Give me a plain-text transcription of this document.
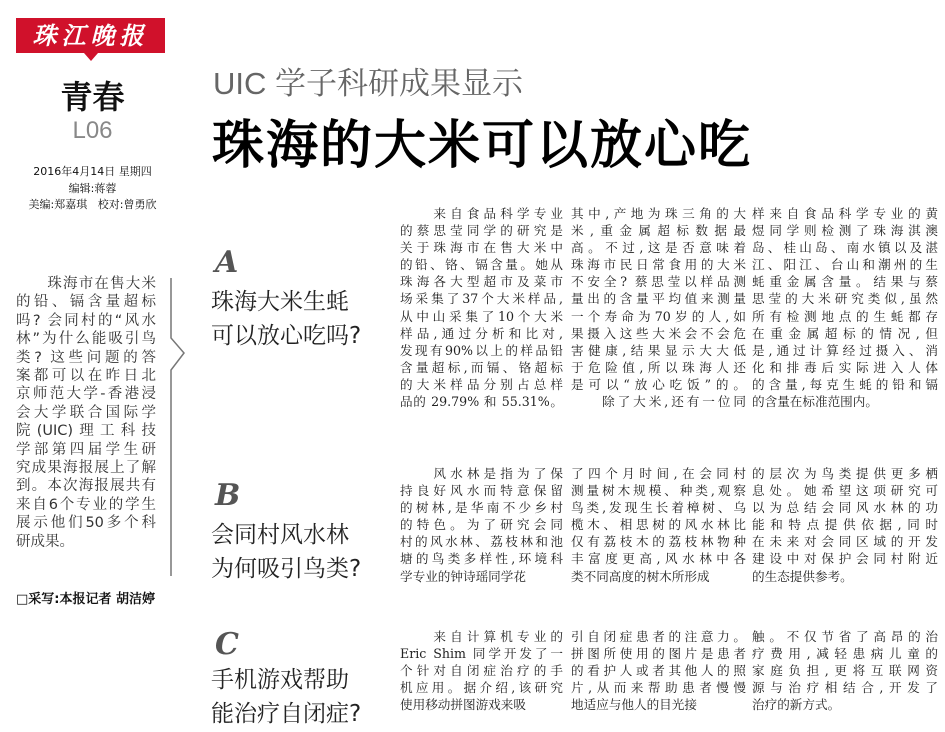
珠江晚报
青春
L06
2016年4月14日 星期四
编辑:蒋蓉
美编:郑嘉琪   校对:曾勇欣
　　珠海市在售大米
的铅、镉含量超标
吗? 会同村的“风水
林”为什么能吸引鸟
类? 这些问题的答
案都可以在昨日北
京师范大学-香港浸
会大学联合国际学
院(UIC)理工科技
学部第四届学生研
究成果海报展上了解
到。本次海报展共有
来自6个专业的学生
展示他们50多个科
研成果。
□采写:本报记者 胡洁婷
UIC 学子科研成果显示
珠海的大米可以放心吃
A
珠海大米生蚝
可以放心吃吗?
　　来自食品科学专业
的蔡思莹同学的研究是
关于珠海市在售大米中
的铅、铬、镉含量。她从
珠海各大型超市及菜市
场采集了37个大米样品,
从中山采集了10个大米
样品,通过分析和比对,
发现有90%以上的样品铅
含量超标,而镉、铬超标
的大米样品分别占总样
品的 29.79% 和 55.31%。
其中,产地为珠三角的大
米,重金属超标数据最
高。不过,这是否意味着
珠海市民日常食用的大米
不安全? 蔡思莹以样品测
量出的含量平均值来测量
一个寿命为70岁的人,如
果摄入这些大米会不会危
害健康,结果显示大大低
于危险值,所以珠海人还
是可以“放心吃饭”的。
　　除了大米,还有一位同
样来自食品科学专业的黄
煜同学则检测了珠海淇澳
岛、桂山岛、南水镇以及湛
江、阳江、台山和潮州的生
蚝重金属含量。结果与蔡
思莹的大米研究类似,虽然
所有检测地点的生蚝都存
在重金属超标的情况,但
是,通过计算经过摄入、消
化和排毒后实际进入人体
的含量,每克生蚝的铅和镉
的含量在标准范围内。
B
会同村风水林
为何吸引鸟类?
　　风水林是指为了保
持良好风水而特意保留
的树林,是华南不少乡村
的特色。为了研究会同
村的风水林、荔枝林和池
塘的鸟类多样性,环境科
学专业的钟诗瑶同学花
了四个月时间,在会同村
测量树木规模、种类,观察
鸟类,发现生长着樟树、乌
榄木、相思树的风水林比
仅有荔枝木的荔枝林物种
丰富度更高,风水林中各
类不同高度的树木所形成
的层次为鸟类提供更多栖
息处。她希望这项研究可
以为总结会同风水林的功
能和特点提供依据,同时
在未来对会同区域的开发
建设中对保护会同村附近
的生态提供参考。
C
手机游戏帮助
能治疗自闭症?
　　来自计算机专业的
Eric Shim 同学开发了一
个针对自闭症治疗的手
机应用。据介绍,该研究
使用移动拼图游戏来吸
引自闭症患者的注意力。
拼图所使用的图片是患者
的看护人或者其他人的照
片,从而来帮助患者慢慢
地适应与他人的目光接
触。不仅节省了高昂的治
疗费用,减轻患病儿童的
家庭负担,更将互联网资
源与治疗相结合,开发了
治疗的新方式。
